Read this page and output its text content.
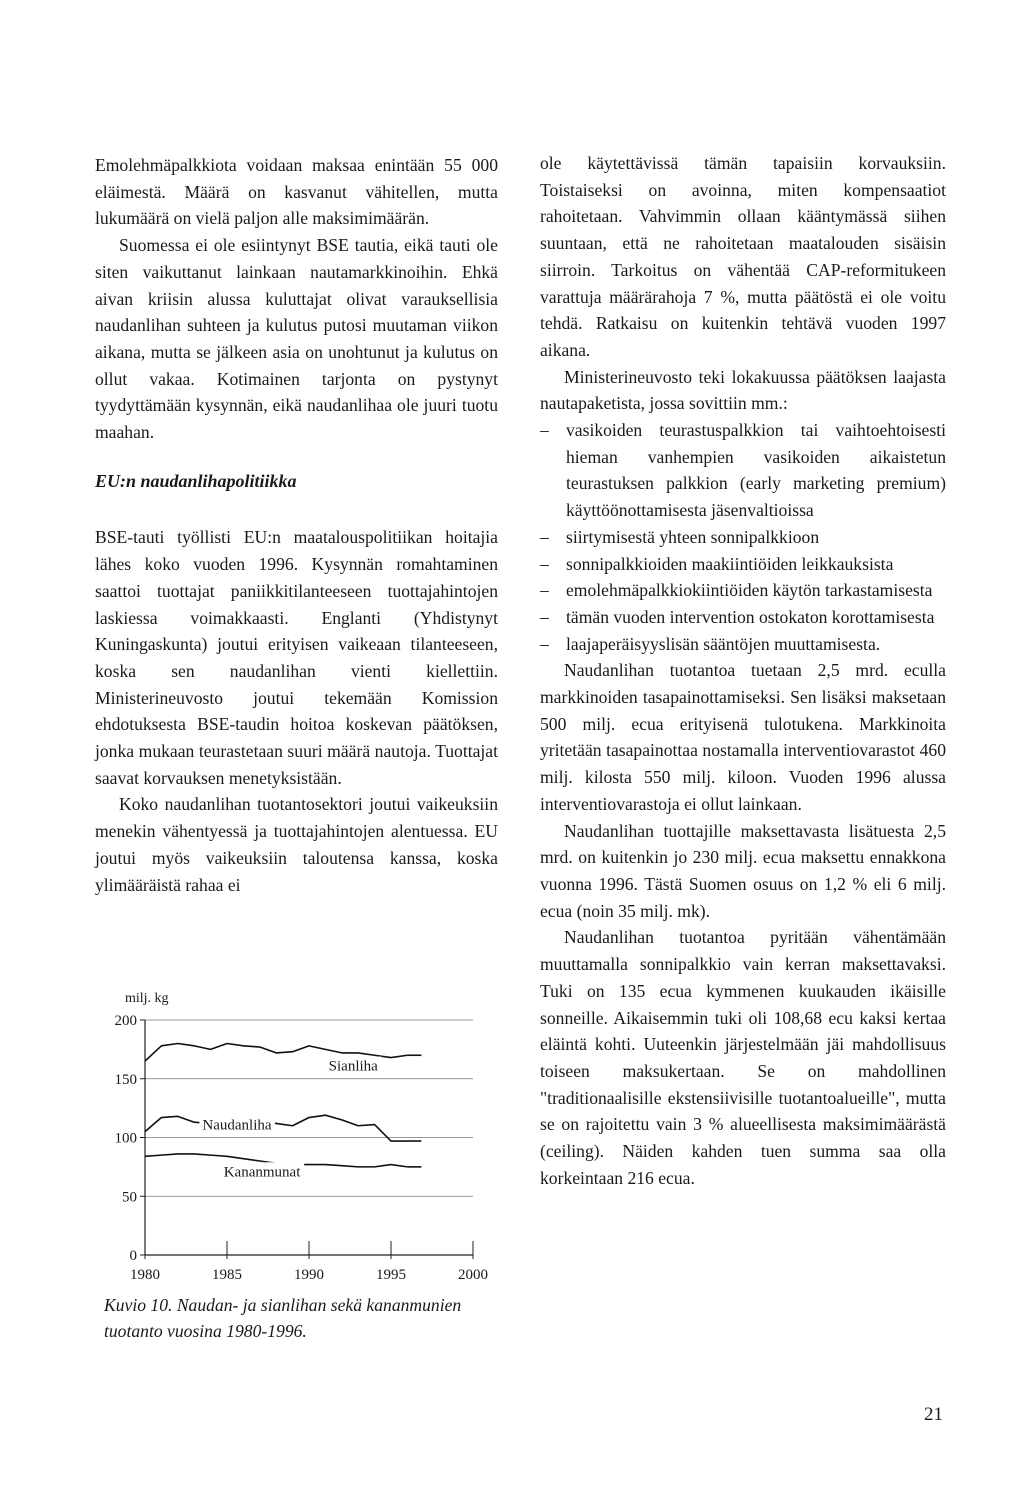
Emolehmäpalkkiota voidaan maksaa enintään 55 000 eläimestä. Määrä on kasvanut vähitellen, mutta lukumäärä on vielä paljon alle maksimimäärän.

Suomessa ei ole esiintynyt BSE tautia, eikä tauti ole siten vaikuttanut lainkaan nautamarkkinoihin. Ehkä aivan kriisin alussa kuluttajat olivat varauksellisia naudanlihan suhteen ja kulutus putosi muutaman viikon aikana, mutta se jälkeen asia on unohtunut ja kulutus on ollut vakaa. Kotimainen tarjonta on pystynyt tyydyttämään kysynnän, eikä naudanlihaa ole juuri tuotu maahan.

EU:n naudanlihapolitiikka

BSE-tauti työllisti EU:n maatalouspolitiikan hoitajia lähes koko vuoden 1996. Kysynnän romahtaminen saattoi tuottajat paniikkitilanteeseen tuottajahintojen laskiessa voimakkaasti. Englanti (Yhdistynyt Kuningaskunta) joutui erityisen vaikeaan tilanteeseen, koska sen naudanlihan vienti kiellettiin. Ministerineuvosto joutui tekemään Komission ehdotuksesta BSE-taudin hoitoa koskevan päätöksen, jonka mukaan teurastetaan suuri määrä nautoja. Tuottajat saavat korvauksen menetyksistään.

Koko naudanlihan tuotantosektori joutui vaikeuksiin menekin vähentyessä ja tuottajahintojen alentuessa. EU joutui myös vaikeuksiin taloutensa kanssa, koska ylimääräistä rahaa ei

ole käytettävissä tämän tapaisiin korvauksiin. Toistaiseksi on avoinna, miten kompensaatiot rahoitetaan. Vahvimmin ollaan kääntymässä siihen suuntaan, että ne rahoitetaan maatalouden sisäisin siirroin. Tarkoitus on vähentää CAP-reformitukeen varattuja määrärahoja 7 %, mutta päätöstä ei ole voitu tehdä. Ratkaisu on kuitenkin tehtävä vuoden 1997 aikana.

Ministerineuvosto teki lokakuussa päätöksen laajasta nautapaketista, jossa sovittiin mm.:

– vasikoiden teurastuspalkkion tai vaihtoehtoisesti hieman vanhempien vasikoiden aikaistetun teurastuksen palkkion (early marketing premium) käyttöönottamisesta jäsenvaltioissa
– siirtymisestä yhteen sonnipalkkioon
– sonnipalkkioiden maakiintiöiden leikkauksista
– emolehmäpalkkiokiintiöiden käytön tarkastamisesta
– tämän vuoden intervention ostokaton korottamisesta
– laajaperäisyyslisän sääntöjen muuttamisesta.

Naudanlihan tuotantoa tuetaan 2,5 mrd. eculla markkinoiden tasapainottamiseksi. Sen lisäksi maksetaan 500 milj. ecua erityisenä tulotukena. Markkinoita yritetään tasapainottaa nostamalla interventiovarastot 460 milj. kilosta 550 milj. kiloon. Vuoden 1996 alussa interventiovarastoja ei ollut lainkaan.

Naudanlihan tuottajille maksettavasta lisätuesta 2,5 mrd. on kuitenkin jo 230 milj. ecua maksettu ennakkona vuonna 1996. Tästä Suomen osuus on 1,2 % eli 6 milj. ecua (noin 35 milj. mk).

Naudanlihan tuotantoa pyritään vähentämään muuttamalla sonnipalkkio vain kerran maksettavaksi. Tuki on 135 ecua kymmenen kuukauden ikäisille sonneille. Aikaisemmin tuki oli 108,68 ecu kaksi kertaa eläintä kohti. Uuteenkin järjestelmään jäi mahdollisuus toiseen maksukertaan. Se on mahdollinen "traditionaalisille ekstensiivisille tuotantoalueille", mutta se on rajoitettu vain 3 % alueellisesta maksimimäärästä (ceiling). Näiden kahden tuen summa saa olla korkeintaan 216 ecua.

milj. kg
0
50
100
150
200
1980	1985	1990	1995	2000
Sianliha
Naudanliha
Kananmunat
Kuvio 10. Naudan- ja sianlihan sekä kananmunien tuotanto vuosina 1980-1996.
21
